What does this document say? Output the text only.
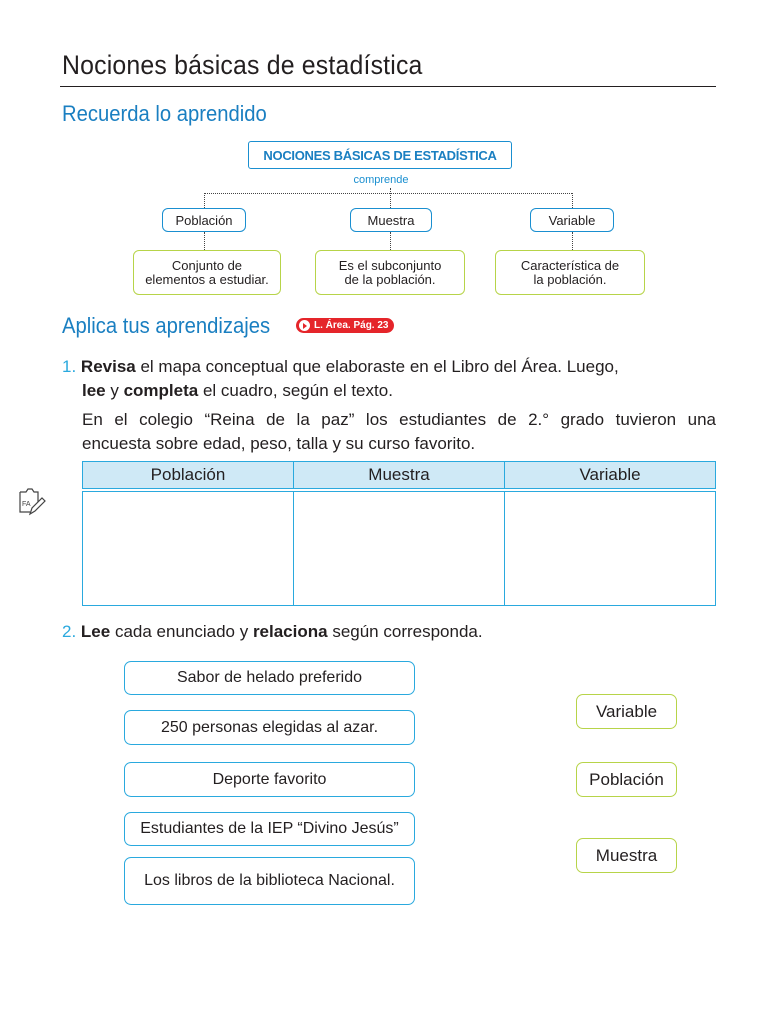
Nociones básicas de estadística
Recuerda lo aprendido
NOCIONES BÁSICAS DE ESTADÍSTICA
comprende
Población	Muestra	Variable
Conjunto de
elementos a estudiar.
Es el subconjunto
de la población.
Característica de
la población.
Aplica tus aprendizajes	L. Área. Pág. 23
1. Revisa el mapa conceptual que elaboraste en el Libro del Área. Luego,
lee y completa el cuadro, según el texto.
En el colegio “Reina de la paz” los estudiantes de 2.° grado tuvieron una
encuesta sobre edad, peso, talla y su curso favorito.
Población	Muestra	Variable
FA
2. Lee cada enunciado y relaciona según corresponda.
Sabor de helado preferido
250 personas elegidas al azar.
Deporte favorito
Estudiantes de la IEP “Divino Jesús”
Los libros de la biblioteca Nacional.
Variable
Población
Muestra
